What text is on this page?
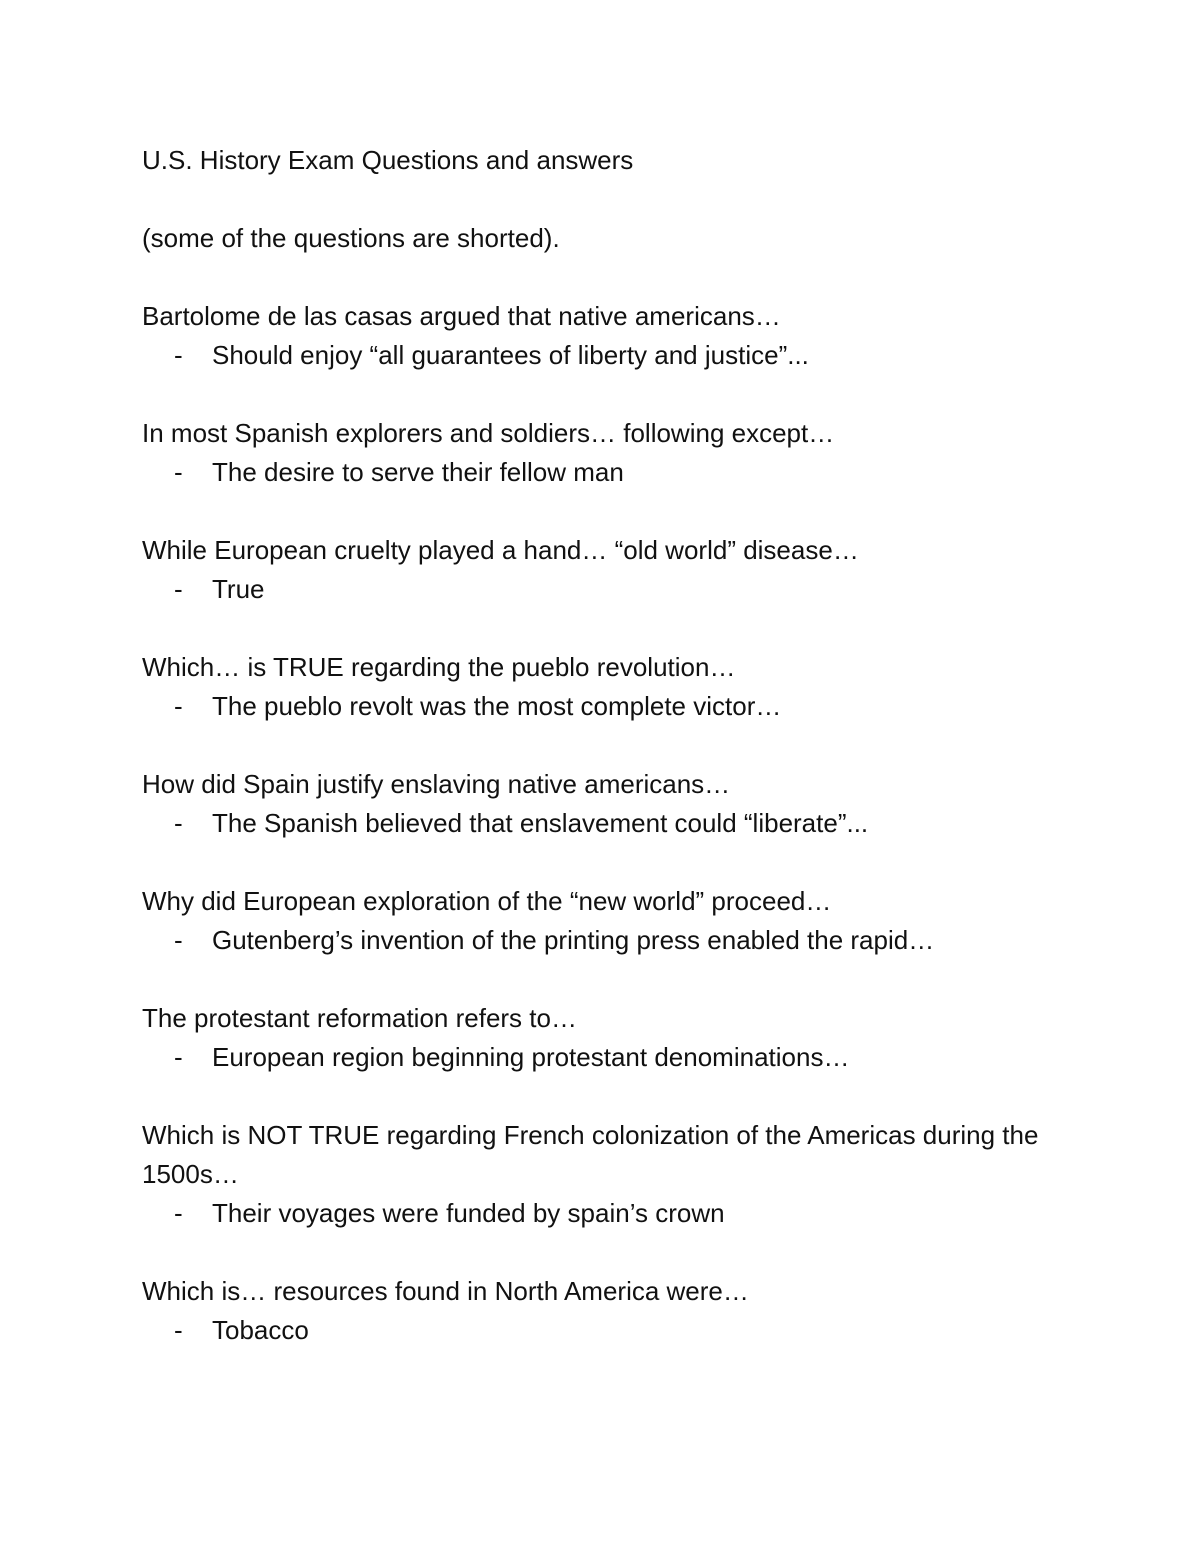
U.S. History Exam Questions and answers
(some of the questions are shorted).
Bartolome de las casas argued that native americans…
-	Should enjoy “all guarantees of liberty and justice”...
In most Spanish explorers and soldiers… following except…
-	The desire to serve their fellow man
While European cruelty played a hand… “old world” disease…
-	True
Which… is TRUE regarding the pueblo revolution…
-	The pueblo revolt was the most complete victor…
How did Spain justify enslaving native americans…
-	The Spanish believed that enslavement could “liberate”...
Why did European exploration of the “new world” proceed…
-	Gutenberg’s invention of the printing press enabled the rapid…
The protestant reformation refers to…
-	European region beginning protestant denominations…
Which is NOT TRUE regarding French colonization of the Americas during the 1500s…
-	Their voyages were funded by spain’s crown
Which is… resources found in North America were…
-	Tobacco
